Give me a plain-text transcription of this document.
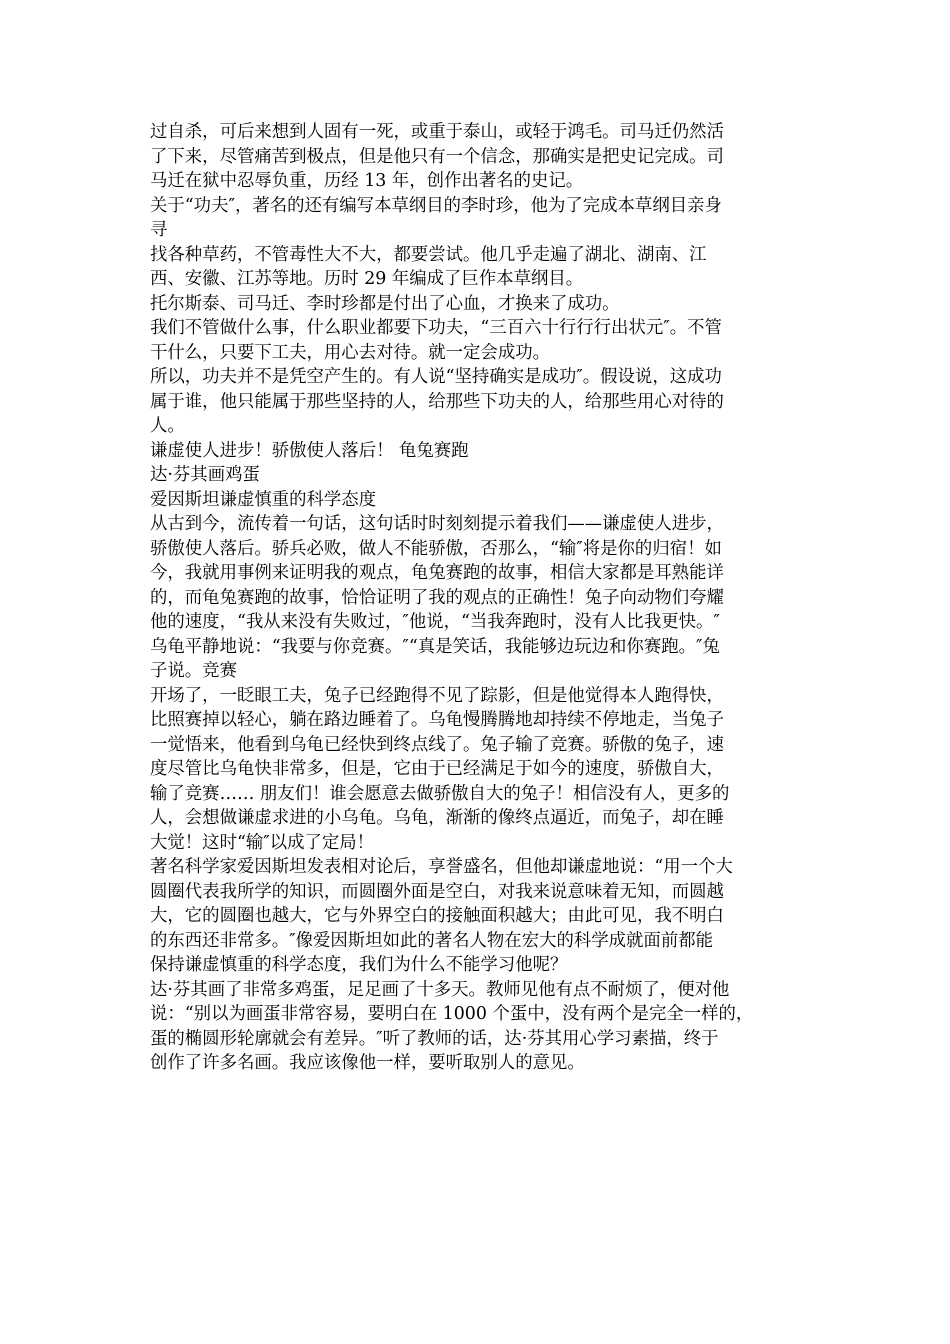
过自杀，可后来想到人固有一死，或重于泰山，或轻于鸿毛。司马迁仍然活
了下来，尽管痛苦到极点，但是他只有一个信念，那确实是把史记完成。司
马迁在狱中忍辱负重，历经 13 年，创作出著名的史记。
关于“功夫″，著名的还有编写本草纲目的李时珍，他为了完成本草纲目亲身
寻
找各种草药，不管毒性大不大，都要尝试。他几乎走遍了湖北、湖南、江
西、安徽、江苏等地。历时 29 年编成了巨作本草纲目。
托尔斯泰、司马迁、李时珍都是付出了心血，才换来了成功。
我们不管做什么事，什么职业都要下功夫，“三百六十行行行出状元″。不管
干什么，只要下工夫，用心去对待。就一定会成功。
所以，功夫并不是凭空产生的。有人说“坚持确实是成功″。假设说，这成功
属于谁，他只能属于那些坚持的人，给那些下功夫的人，给那些用心对待的
人。
谦虚使人进步！骄傲使人落后！ 龟兔赛跑
达·芬其画鸡蛋
爱因斯坦谦虚慎重的科学态度
从古到今，流传着一句话，这句话时时刻刻提示着我们——谦虚使人进步，
骄傲使人落后。骄兵必败，做人不能骄傲，否那么，“输″将是你的归宿！如
今，我就用事例来证明我的观点，龟兔赛跑的故事，相信大家都是耳熟能详
的，而龟兔赛跑的故事，恰恰证明了我的观点的正确性！兔子向动物们夸耀
他的速度，“我从来没有失败过，″他说，“当我奔跑时，没有人比我更快。″
乌龟平静地说：“我要与你竞赛。″“真是笑话，我能够边玩边和你赛跑。″兔
子说。竞赛
开场了，一眨眼工夫，兔子已经跑得不见了踪影，但是他觉得本人跑得快，
比照赛掉以轻心，躺在路边睡着了。乌龟慢腾腾地却持续不停地走，当兔子
一觉悟来，他看到乌龟已经快到终点线了。兔子输了竞赛。骄傲的兔子，速
度尽管比乌龟快非常多，但是，它由于已经满足于如今的速度，骄傲自大，
输了竞赛…… 朋友们！谁会愿意去做骄傲自大的兔子！相信没有人，更多的
人，会想做谦虚求进的小乌龟。乌龟，渐渐的像终点逼近，而兔子，却在睡
大觉！这时“输″以成了定局！
著名科学家爱因斯坦发表相对论后，享誉盛名，但他却谦虚地说：“用一个大
圆圈代表我所学的知识，而圆圈外面是空白，对我来说意味着无知，而圆越
大，它的圆圈也越大，它与外界空白的接触面积越大；由此可见，我不明白
的东西还非常多。″像爱因斯坦如此的著名人物在宏大的科学成就面前都能
保持谦虚慎重的科学态度，我们为什么不能学习他呢？
达·芬其画了非常多鸡蛋，足足画了十多天。教师见他有点不耐烦了，便对他
说：“别以为画蛋非常容易，要明白在 1000 个蛋中，没有两个是完全一样的，
蛋的椭圆形轮廓就会有差异。″听了教师的话，达·芬其用心学习素描，终于
创作了许多名画。我应该像他一样，要听取别人的意见。
